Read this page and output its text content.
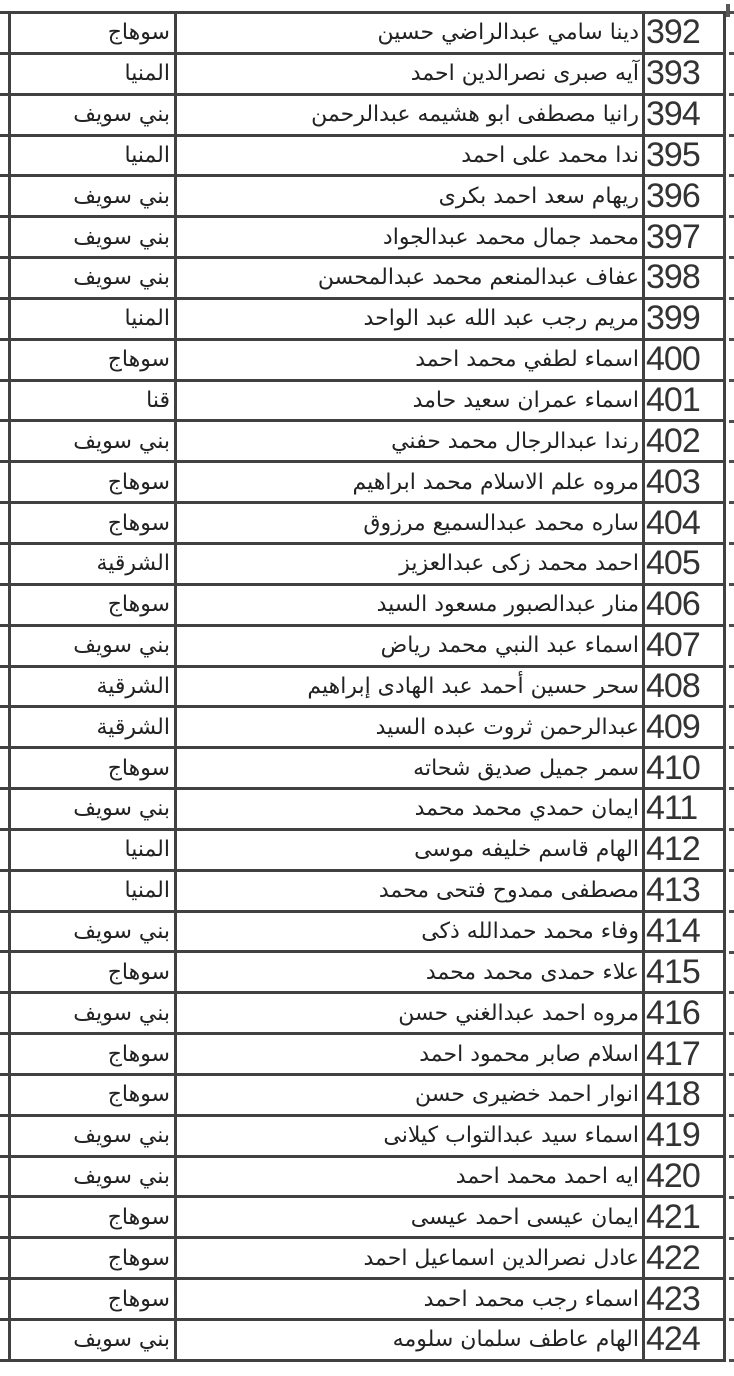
سوهاج	دينا سامي عبدالراضي حسين 392
المنيا	آيه صبرى نصرالدين احمد 393
بني سويف	رانيا مصطفى ابو هشيمه عبدالرحمن 394
المنيا	ندا محمد على احمد 395
بني سويف	ريهام سعد احمد بكرى 396
بني سويف	محمد جمال محمد عبدالجواد 397
بني سويف	عفاف عبدالمنعم محمد عبدالمحسن 398
المنيا	مريم رجب عبد الله عبد الواحد 399
سوهاج	اسماء لطفي محمد احمد 400
قنا	اسماء عمران سعيد حامد 401
بني سويف	رندا عبدالرجال محمد حفني 402
سوهاج	مروه علم الاسلام محمد ابراهيم 403
سوهاج	ساره محمد عبدالسميع مرزوق 404
الشرقية	احمد محمد زكى عبدالعزيز 405
سوهاج	منار عبدالصبور مسعود السيد 406
بني سويف	اسماء عبد النبي محمد رياض 407
الشرقية	سحر حسين أحمد عبد الهادى إبراهيم 408
الشرقية	عبدالرحمن ثروت عبده السيد 409
سوهاج	سمر جميل صديق شحاته 410
بني سويف	ايمان حمدي محمد محمد 411
المنيا	الهام قاسم خليفه موسى 412
المنيا	مصطفى ممدوح فتحى محمد 413
بني سويف	وفاء محمد حمدالله ذكى 414
سوهاج	علاء حمدى محمد محمد 415
بني سويف	مروه احمد عبدالغني حسن 416
سوهاج	اسلام صابر محمود احمد 417
سوهاج	انوار احمد خضيرى حسن 418
بني سويف	اسماء سيد عبدالتواب كيلانى 419
بني سويف	ايه احمد محمد احمد 420
سوهاج	ايمان عيسى احمد عيسى 421
سوهاج	عادل نصرالدين اسماعيل احمد 422
سوهاج	اسماء رجب محمد احمد 423
بني سويف	الهام عاطف سلمان سلومه 424
